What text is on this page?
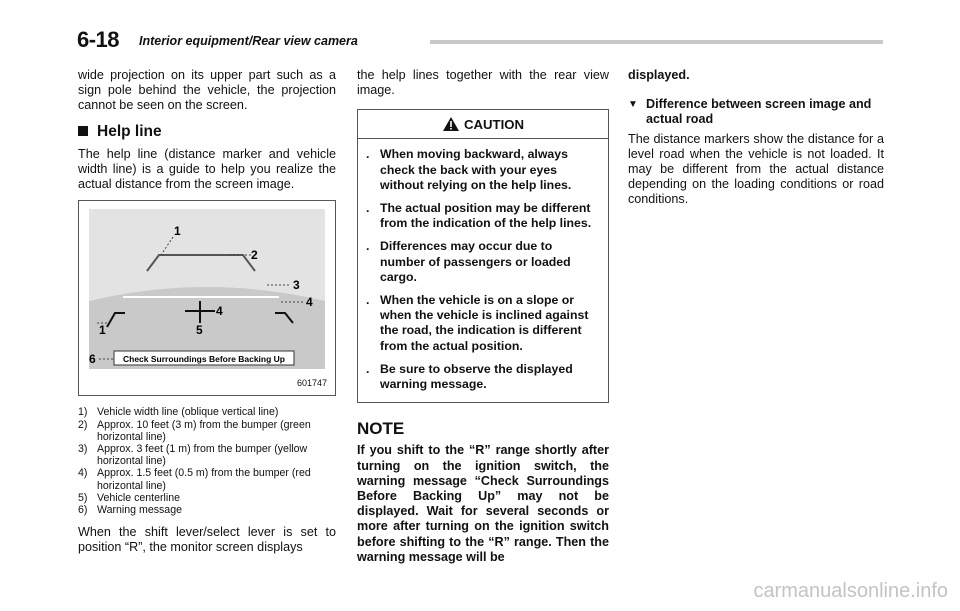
6-18 Interior equipment/Rear view camera

wide projection on its upper part such as a sign pole behind the vehicle, the projection cannot be seen on the screen.

Help line

The help line (distance marker and vehicle width line) is a guide to help you realize the actual distance from the screen image.

1
2
3
4
4
1	5
6	Check Surroundings Before Backing Up
601747
1) Vehicle width line (oblique vertical line)
2) Approx. 10 feet (3 m) from the bumper (green horizontal line)
3) Approx. 3 feet (1 m) from the bumper (yellow horizontal line)
4) Approx. 1.5 feet (0.5 m) from the bumper (red horizontal line)
5) Vehicle centerline
6) Warning message

When the shift lever/select lever is set to position “R”, the monitor screen displays

the help lines together with the rear view image.

CAUTION
. When moving backward, always check the back with your eyes without relying on the help lines.
. The actual position may be different from the indication of the help lines.
. Differences may occur due to number of passengers or loaded cargo.
. When the vehicle is on a slope or when the vehicle is inclined against the road, the indication is different from the actual position.
. Be sure to observe the displayed warning message.
NOTE

If you shift to the “R” range shortly after turning on the ignition switch, the warning message “Check Surroundings Before Backing Up” may not be displayed. Wait for several seconds or more after turning on the ignition switch before shifting to the “R” range. Then the warning message will be

displayed.

▼ Difference between screen image and actual road

The distance markers show the distance for a level road when the vehicle is not loaded. It may be different from the actual distance depending on the loading conditions or road conditions.

carmanualsonline.info
